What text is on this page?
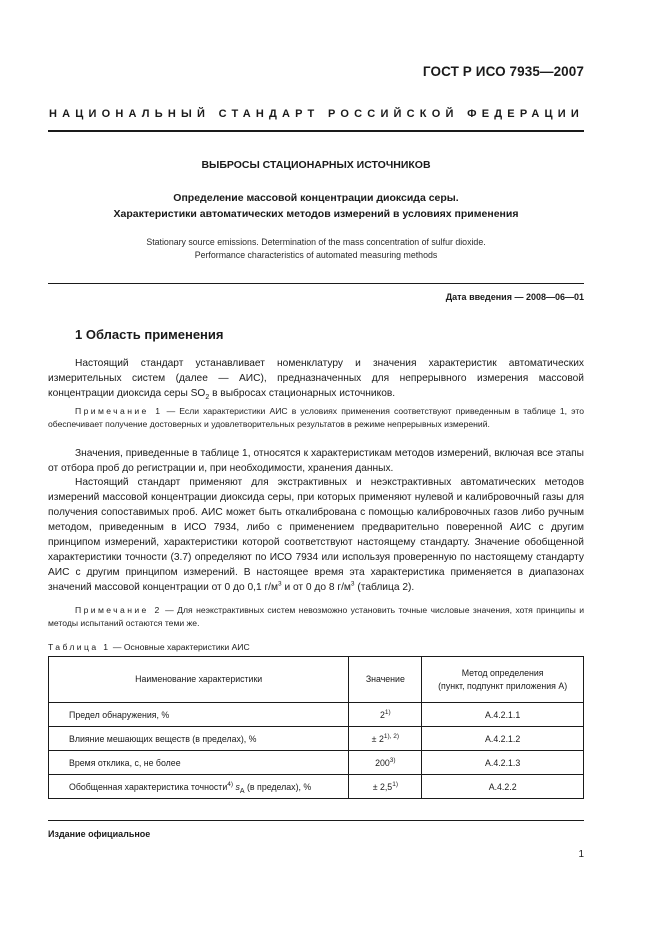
ГОСТ Р ИСО 7935—2007
НАЦИОНАЛЬНЫЙ СТАНДАРТ РОССИЙСКОЙ ФЕДЕРАЦИИ
ВЫБРОСЫ СТАЦИОНАРНЫХ ИСТОЧНИКОВ
Определение массовой концентрации диоксида серы.
Характеристики автоматических методов измерений в условиях применения
Stationary source emissions. Determination of the mass concentration of sulfur dioxide.
Performance characteristics of automated measuring methods
Дата введения — 2008—06—01
1 Область применения

Настоящий стандарт устанавливает номенклатуру и значения характеристик автоматических измерительных систем (далее — АИС), предназначенных для непрерывного измерения массовой концентрации диоксида серы $SO_2$ в выбросах стационарных источников.

Примечание 1 — Если характеристики АИС в условиях применения соответствуют приведенным в таблице 1, это обеспечивает получение достоверных и удовлетворительных результатов в режиме непрерывных измерений.

Значения, приведенные в таблице 1, относятся к характеристикам методов измерений, включая все этапы от отбора проб до регистрации и, при необходимости, хранения данных.

Настоящий стандарт применяют для экстрактивных и неэкстрактивных автоматических методов измерений массовой концентрации диоксида серы, при которых применяют нулевой и калибровочный газы для получения сопоставимых проб. АИС может быть откалибрована с помощью калибровочных газов либо ручным методом, приведенным в ИСО 7934, либо с применением предварительно поверенной АИС с другим принципом измерений, характеристики которой соответствуют настоящему стандарту. Значение обобщенной характеристики точности (3.7) определяют по ИСО 7934 или используя проверенную по настоящему стандарту АИС с другим принципом измерений. В настоящее время эта характеристика применяется в диапазонах значений массовой концентрации от 0 до 0,1 $г/м^3$ и от 0 до 8 $г/м^3$ (таблица 2).

Примечание 2 — Для неэкстрактивных систем невозможно установить точные числовые значения, хотя принципы и методы испытаний остаются теми же.

Таблица 1 — Основные характеристики АИС
Наименование характеристики	Значение	Метод определения
(пункт, подпункт приложения А)

Предел обнаружения, %	2$^{1)}$	А.4.2.1.1
Влияние мешающих веществ (в пределах), %	± $2^{1), 2)}$	А.4.2.1.2
Время отклика, с, не более	200$^{3)}$	А.4.2.1.3
Обобщенная характеристика точности$^{4)}$ $s_A$ (в пределах), %	± $2,5^{1)}$	А.4.2.2
Издание официальное
1
